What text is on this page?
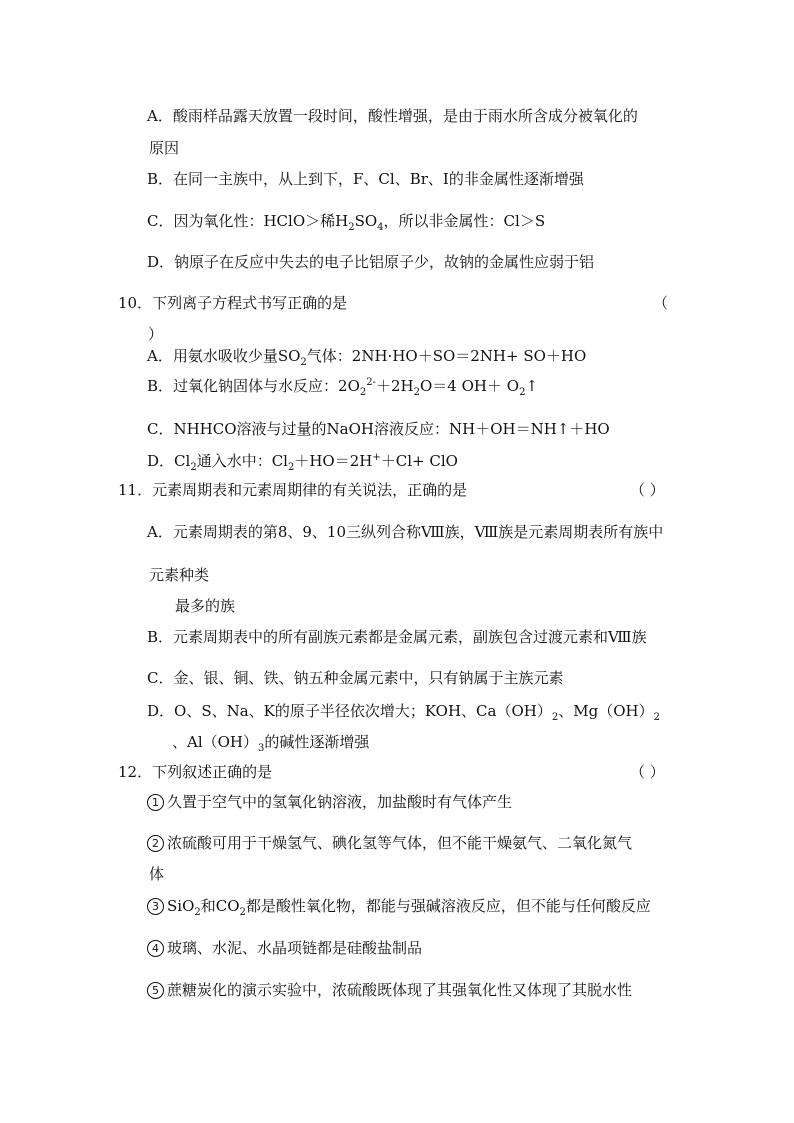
A．酸雨样品露天放置一段时间，酸性增强，是由于雨水所含成分被氧化的
原因
B．在同一主族中，从上到下，F、Cl、Br、I的非金属性逐渐增强
C．因为氧化性：HClO＞稀$H_2SO_4$，所以非金属性：Cl＞S
D．钠原子在反应中失去的电子比铝原子少，故钠的金属性应弱于铝
10．下列离子方程式书写正确的是	（
）
A．用氨水吸收少量$SO_2$气体：2NH·HO＋SO＝2NH+ SO＋HO
B．过氧化钠固体与水反应：$2O_2^{2-}+2H_2O=4$ $OH+ O_2↑$
C．NHHCO溶液与过量的NaOH溶液反应：NH＋OH＝NH↑＋HO
D．$Cl_2$通入水中：$Cl_2+HO=2H^++Cl+$ ClO
11．元素周期表和元素周期律的有关说法，正确的是	（ ）
A．元素周期表的第8、9、10三纵列合称Ⅷ族，Ⅷ族是元素周期表所有族中
元素种类
最多的族
B．元素周期表中的所有副族元素都是金属元素，副族包含过渡元素和Ⅷ族
C．金、银、铜、铁、钠五种金属元素中，只有钠属于主族元素
D．O、S、Na、K的原子半径依次增大；KOH、$Ca(OH)_2$、$Mg(OH)_2$
、$Al(OH)_3$的碱性逐渐增强
12．下列叙述正确的是	（ ）
1 久置于空气中的氢氧化钠溶液，加盐酸时有气体产生
2 浓硫酸可用于干燥氢气、碘化氢等气体，但不能干燥氨气、二氧化氮气
体
3 SiO$_2$和$CO_2$都是酸性氧化物，都能与强碱溶液反应，但不能与任何酸反应
4 玻璃、水泥、水晶项链都是硅酸盐制品
5 蔗糖炭化的演示实验中，浓硫酸既体现了其强氧化性又体现了其脱水性
